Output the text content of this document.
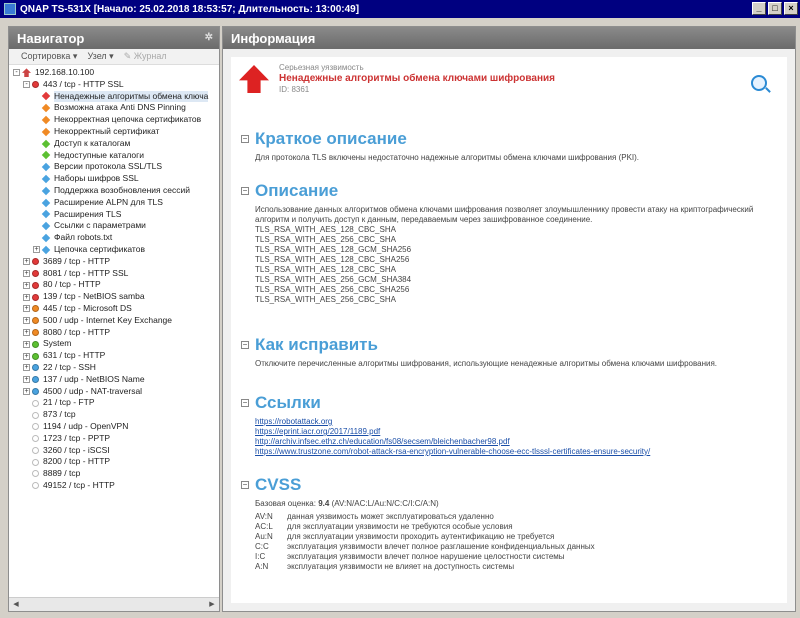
QNAP TS-531X [Начало: 25.02.2018 18:53:57; Длительность: 13:00:49]	_	□	×
Навигатор	✲
Сортировка ▾ Узел ▾ ✎ Журнал
- 192.168.10.100
- 443 / tcp - HTTP SSL
Ненадежные алгоритмы обмена ключа
Возможна атака Anti DNS Pinning
Некорректная цепочка сертификатов
Некорректный сертификат
Доступ к каталогам
Недоступные каталоги
Версии протокола SSL/TLS
Наборы шифров SSL
Поддержка возобновления сессий
Расширение ALPN для TLS
Расширения TLS
Ссылки с параметрами
Файл robots.txt
+ Цепочка сертификатов
+ 3689 / tcp - HTTP
+ 8081 / tcp - HTTP SSL
+ 80 / tcp - HTTP
+ 139 / tcp - NetBIOS samba
+ 445 / tcp - Microsoft DS
+ 500 / udp - Internet Key Exchange
+ 8080 / tcp - HTTP
+ System
+ 631 / tcp - HTTP
+ 22 / tcp - SSH
+ 137 / udp - NetBIOS Name
+ 4500 / udp - NAT-traversal
21 / tcp - FTP
873 / tcp
1194 / udp - OpenVPN
1723 / tcp - PPTP
3260 / tcp - iSCSI
8200 / tcp - HTTP
8889 / tcp
49152 / tcp - HTTP
◀	▶
Информация
Серьезная уязвимость
Ненадежные алгоритмы обмена ключами шифрования
ID: 8361
− Краткое описание
Для протокола TLS включены недостаточно надежные алгоритмы обмена ключами шифрования (PKI).
− Описание
Использование данных алгоритмов обмена ключами шифрования позволяет злоумышленнику провести атаку на криптографический
алгоритм и получить доступ к данным, передаваемым через зашифрованное соединение.
TLS_RSA_WITH_AES_128_CBC_SHA
TLS_RSA_WITH_AES_256_CBC_SHA
TLS_RSA_WITH_AES_128_GCM_SHA256
TLS_RSA_WITH_AES_128_CBC_SHA256
TLS_RSA_WITH_AES_128_CBC_SHA
TLS_RSA_WITH_AES_256_GCM_SHA384
TLS_RSA_WITH_AES_256_CBC_SHA256
TLS_RSA_WITH_AES_256_CBC_SHA
− Как исправить
Отключите перечисленные алгоритмы шифрования, использующие ненадежные алгоритмы обмена ключами шифрования.
− Ссылки
https://robotattack.org
https://eprint.iacr.org/2017/1189.pdf
http://archiv.infsec.ethz.ch/education/fs08/secsem/bleichenbacher98.pdf
https://www.trustzone.com/robot-attack-rsa-encryption-vulnerable-choose-ecc-tlsssl-certificates-ensure-security/
− CVSS
Базовая оценка: 9.4 (AV:N/AC:L/Au:N/C:C/I:C/A:N)
AV:N	данная уязвимость может эксплуатироваться удаленно
AC:L	для эксплуатации уязвимости не требуются особые условия
Au:N	для эксплуатации уязвимости проходить аутентификацию не требуется
C:C	эксплуатация уязвимости влечет полное разглашение конфиденциальных данных
I:C	эксплуатация уязвимости влечет полное нарушение целостности системы
A:N	эксплуатация уязвимости не влияет на доступность системы
